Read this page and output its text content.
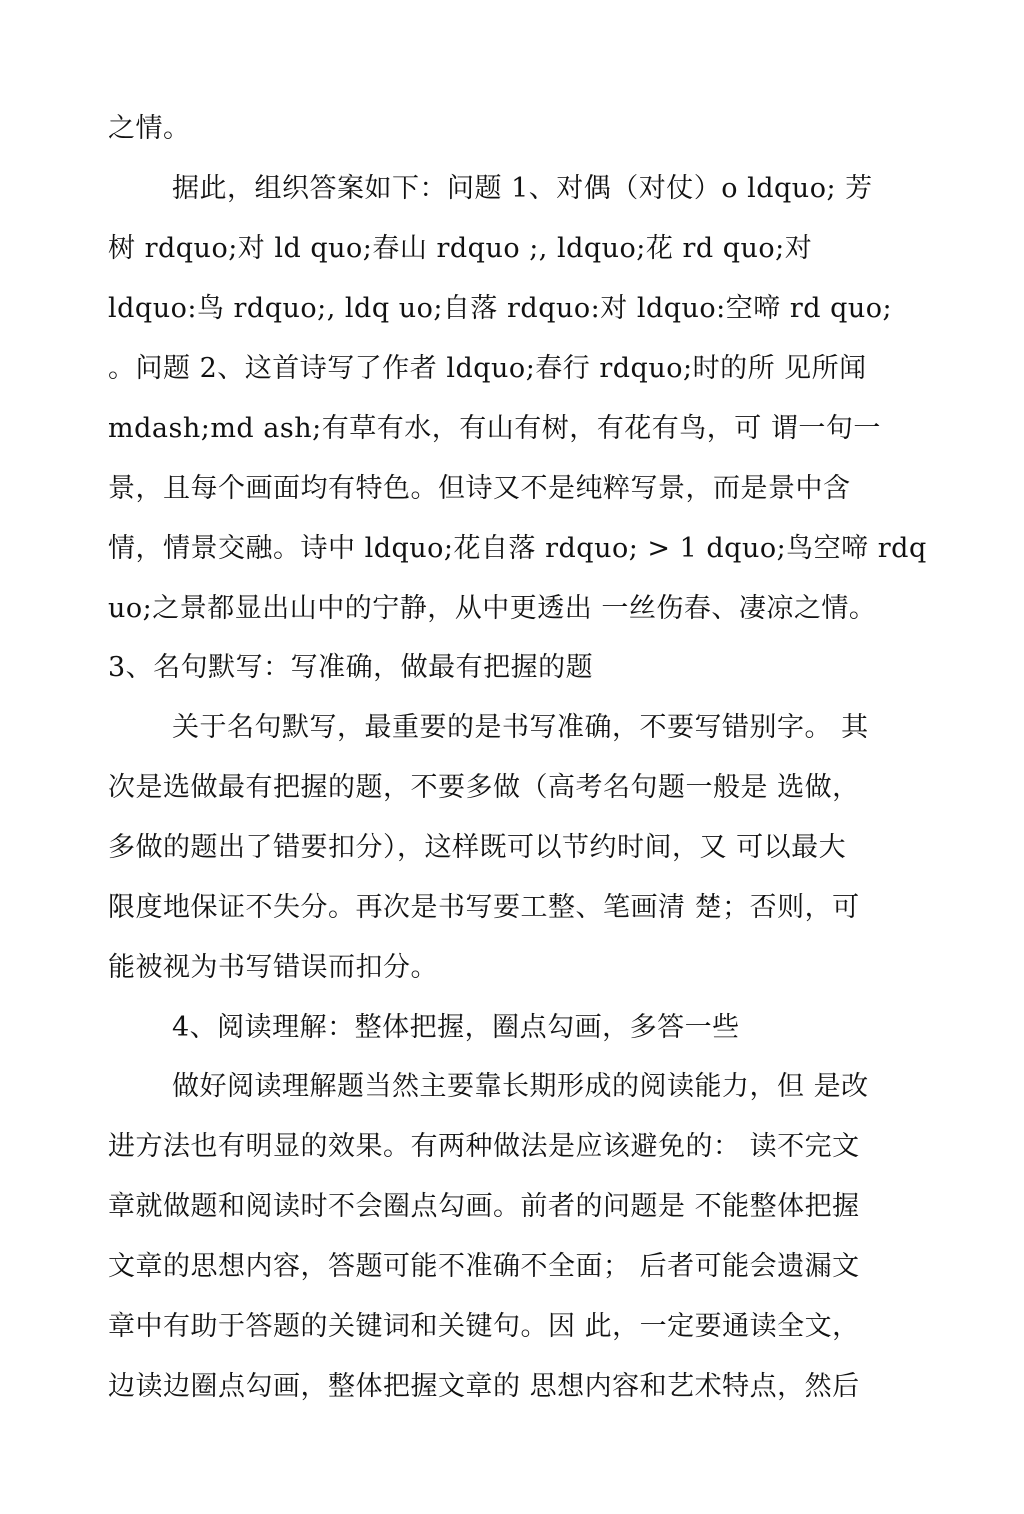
之情。
据此，组织答案如下：问题 1、对偶（对仗）o ldquo; 芳
树 rdquo;对 ld quo;春山 rdquo ;, ldquo;花 rd quo;对
ldquo:鸟 rdquo;, ldq uo;自落 rdquo:对 ldquo:空啼 rd quo;
。问题 2、这首诗写了作者 ldquo;春行 rdquo;时的所 见所闻
mdash;md ash;有草有水，有山有树，有花有鸟，可 谓一句一
景，且每个画面均有特色。但诗又不是纯粹写景，而是景中含
情，情景交融。诗中 ldquo;花自落 rdquo; > 1 dquo;鸟空啼 rdq
uo;之景都显出山中的宁静，从中更透出 一丝伤春、凄凉之情。
3、名句默写：写准确，做最有把握的题
关于名句默写，最重要的是书写准确，不要写错别字。 其
次是选做最有把握的题，不要多做（高考名句题一般是 选做，
多做的题出了错要扣分），这样既可以节约时间，又 可以最大
限度地保证不失分。再次是书写要工整、笔画清 楚；否则，可
能被视为书写错误而扣分。
4、阅读理解：整体把握，圈点勾画，多答一些
做好阅读理解题当然主要靠长期形成的阅读能力，但 是改
进方法也有明显的效果。有两种做法是应该避免的： 读不完文
章就做题和阅读时不会圈点勾画。前者的问题是 不能整体把握
文章的思想内容，答题可能不准确不全面； 后者可能会遗漏文
章中有助于答题的关键词和关键句。因 此，一定要通读全文，
边读边圈点勾画，整体把握文章的 思想内容和艺术特点，然后
